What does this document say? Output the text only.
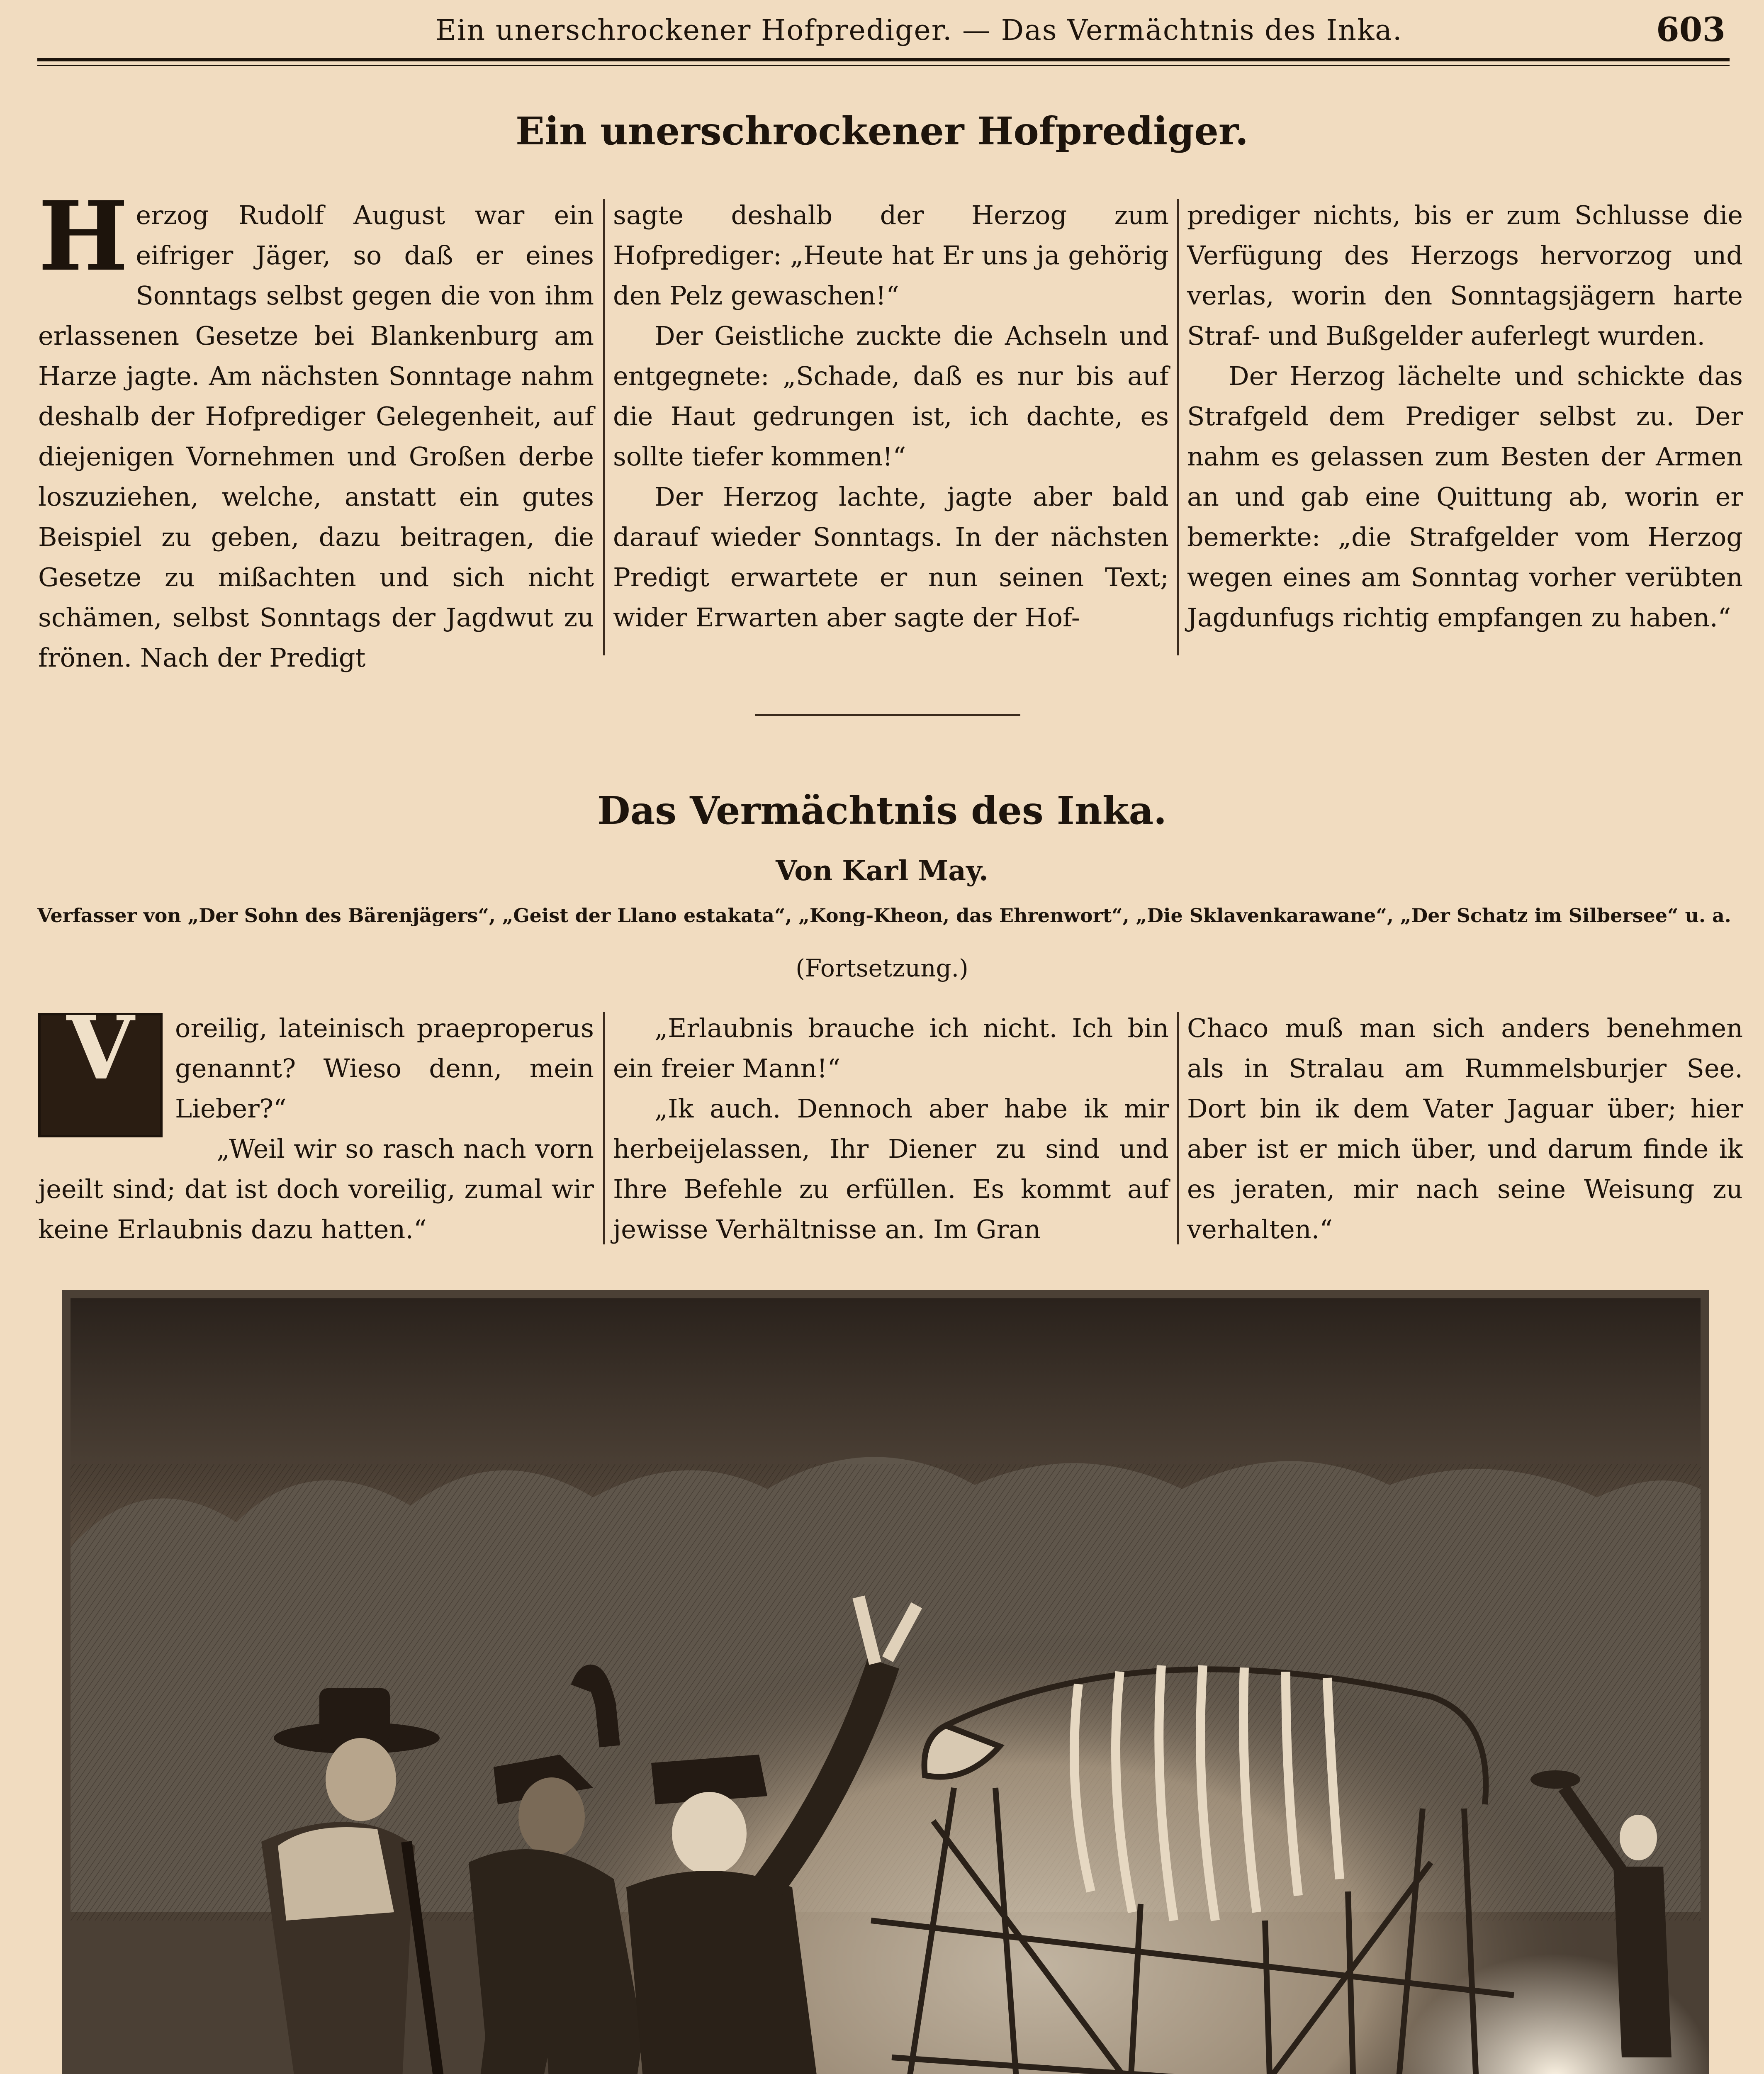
Ein unerschrockener Hofprediger. — Das Vermächtnis des Inka.	603
Ein unerschrockener Hofprediger.

Herzog Rudolf August war ein eifriger Jäger, so daß er eines Sonntags selbst gegen die von ihm erlassenen Gesetze bei Blankenburg am Harze jagte. Am nächsten Sonntage nahm deshalb der Hofprediger Gelegenheit, auf diejenigen Vornehmen und Großen derbe loszuziehen, welche, anstatt ein gutes Beispiel zu geben, dazu beitragen, die Gesetze zu mißachten und sich nicht schämen, selbst Sonntags der Jagdwut zu frönen. Nach der Predigt

sagte deshalb der Herzog zum Hofprediger: „Heute hat Er uns ja gehörig den Pelz gewaschen!“

Der Geistliche zuckte die Achseln und entgegnete: „Schade, daß es nur bis auf die Haut gedrungen ist, ich dachte, es sollte tiefer kommen!“

Der Herzog lachte, jagte aber bald darauf wieder Sonntags. In der nächsten Predigt erwartete er nun seinen Text; wider Erwarten aber sagte der Hof-

prediger nichts, bis er zum Schlusse die Verfügung des Herzogs hervorzog und verlas, worin den Sonntagsjägern harte Straf- und Bußgelder auferlegt wurden.

Der Herzog lächelte und schickte das Strafgeld dem Prediger selbst zu. Der nahm es gelassen zum Besten der Armen an und gab eine Quittung ab, worin er bemerkte: „die Strafgelder vom Herzog wegen eines am Sonntag vorher verübten Jagdunfugs richtig empfangen zu haben.“

Das Vermächtnis des Inka.
Von Karl May.
Verfasser von „Der Sohn des Bärenjägers“, „Geist der Llano estakata“, „Kong-Kheon, das Ehrenwort“, „Die Sklavenkarawane“, „Der Schatz im Silbersee“ u. a.
(Fortsetzung.)
V	oreilig, lateinisch praeproperus genannt? Wieso denn, mein Lieber?“

„Weil wir so rasch nach vorn jeeilt sind; dat ist doch voreilig, zumal wir keine Erlaubnis dazu hatten.“

„Erlaubnis brauche ich nicht. Ich bin ein freier Mann!“

„Ik auch. Dennoch aber habe ik mir herbeijelassen, Ihr Diener zu sind und Ihre Befehle zu erfüllen. Es kommt auf jewisse Verhältnisse an. Im Gran

Chaco muß man sich anders benehmen als in Stralau am Rummelsburjer See. Dort bin ik dem Vater Jaguar über; hier aber ist er mich über, und darum finde ik es jeraten, mir nach seine Weisung zu verhalten.“
